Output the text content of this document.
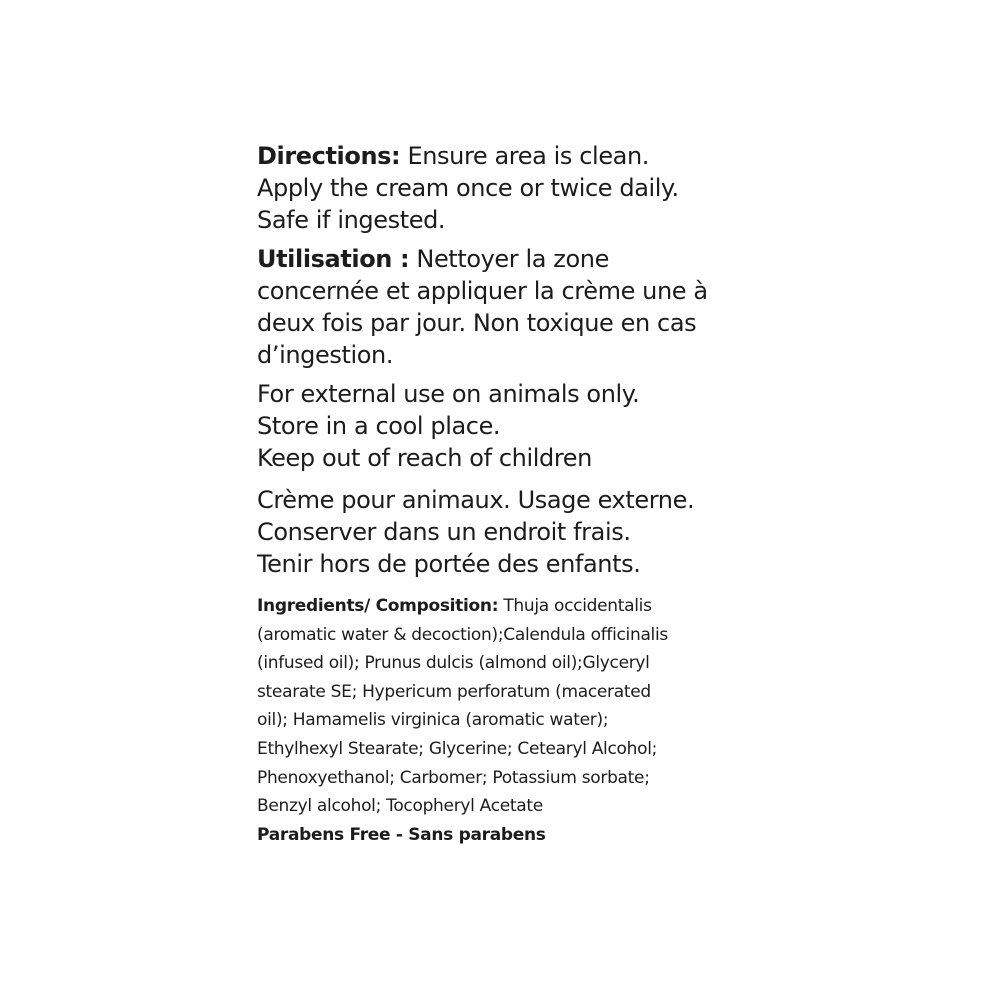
Directions: Ensure area is clean.
Apply the cream once or twice daily.
Safe if ingested.
Utilisation : Nettoyer la zone
concernée et appliquer la crème une à
deux fois par jour. Non toxique en cas
d’ingestion.
For external use on animals only.
Store in a cool place.
Keep out of reach of children
Crème pour animaux. Usage externe.
Conserver dans un endroit frais.
Tenir hors de portée des enfants.
Ingredients/ Composition: Thuja occidentalis
(aromatic water & decoction);Calendula officinalis
(infused oil); Prunus dulcis (almond oil);Glyceryl
stearate SE; Hypericum perforatum (macerated
oil); Hamamelis virginica (aromatic water);
Ethylhexyl Stearate; Glycerine; Cetearyl Alcohol;
Phenoxyethanol; Carbomer; Potassium sorbate;
Benzyl alcohol; Tocopheryl Acetate
Parabens Free - Sans parabens
